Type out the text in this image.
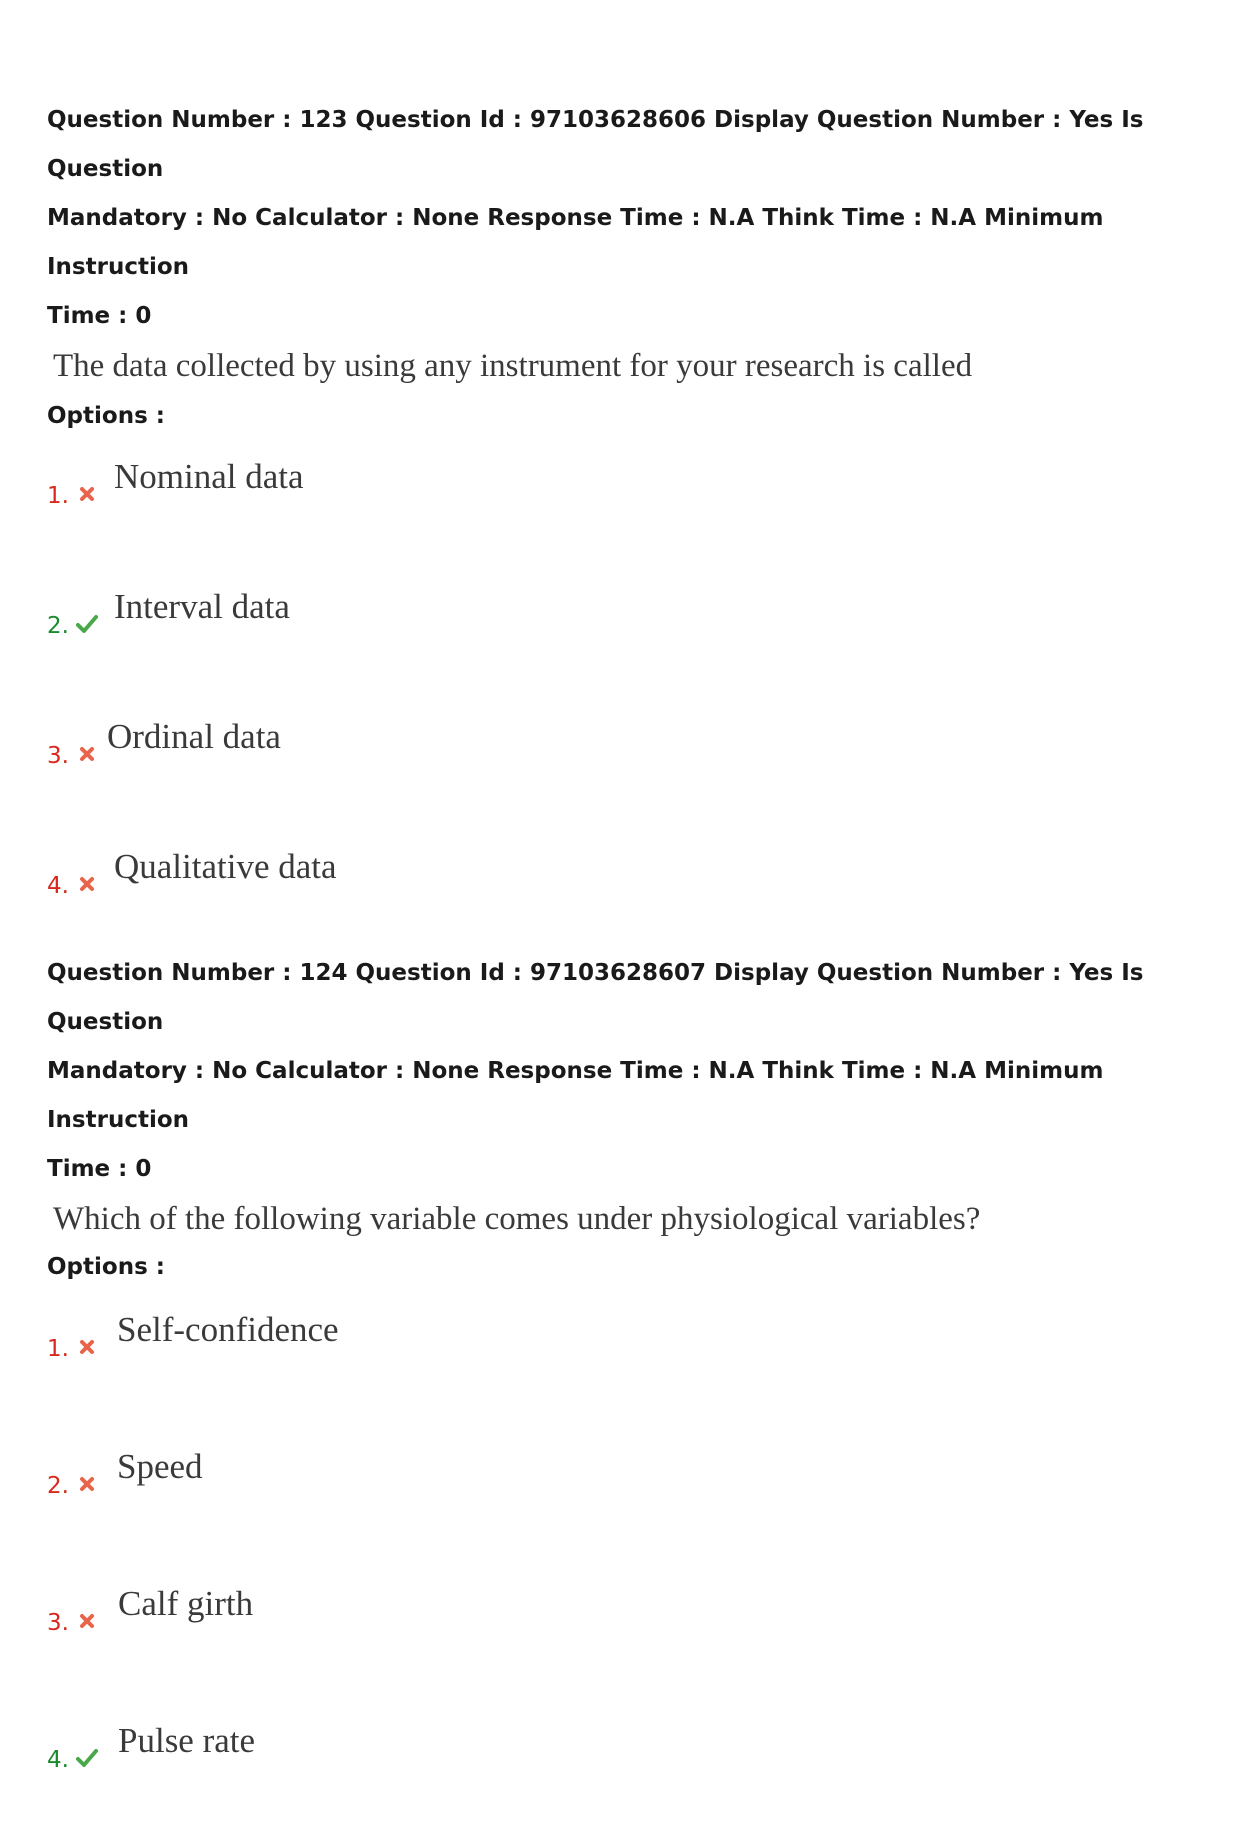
Question Number : 123 Question Id : 97103628606 Display Question Number : Yes Is Question

Mandatory : No Calculator : None Response Time : N.A Think Time : N.A Minimum Instruction

Time : 0

The data collected by using any instrument for your research is called

Options :

1. Nominal data
2. Interval data
3. Ordinal data
4. Qualitative data

Question Number : 124 Question Id : 97103628607 Display Question Number : Yes Is Question

Mandatory : No Calculator : None Response Time : N.A Think Time : N.A Minimum Instruction

Time : 0

Which of the following variable comes under physiological variables?

Options :

1. Self-confidence
2. Speed
3. Calf girth
4. Pulse rate
